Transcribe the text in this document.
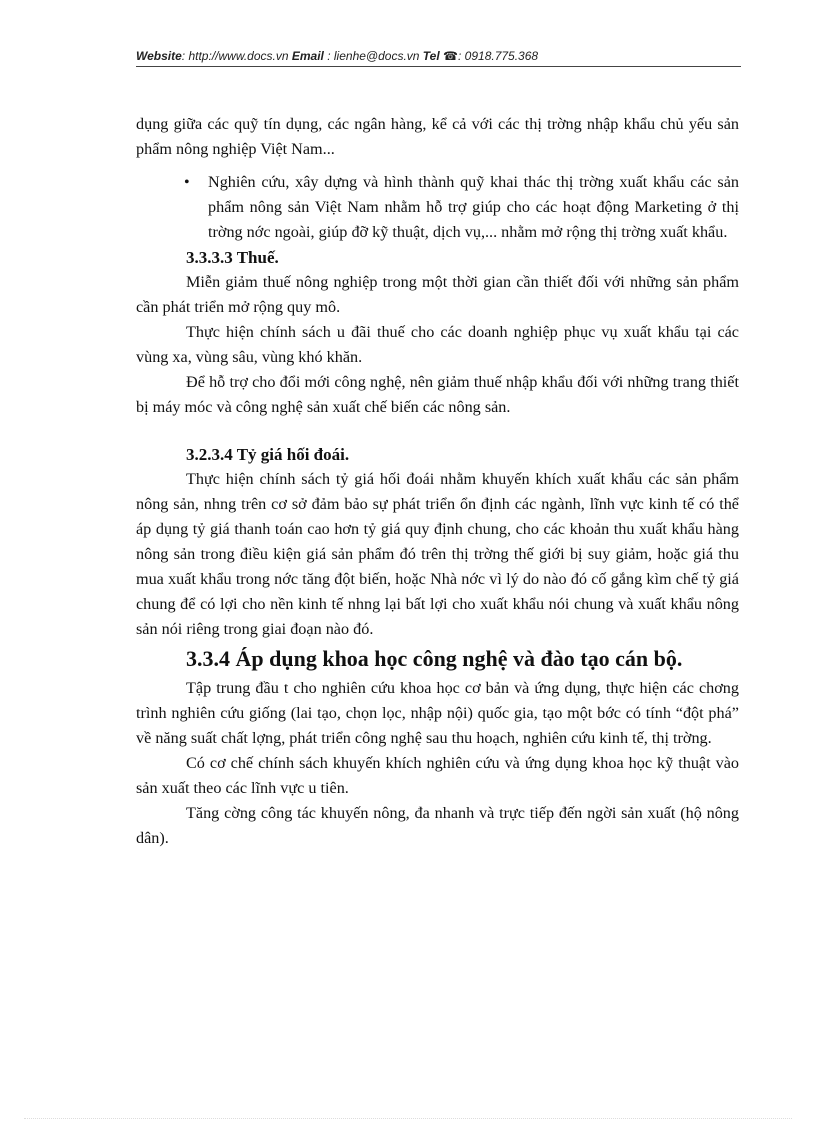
Website: http://www.docs.vn Email : lienhe@docs.vn Tel ☎: 0918.775.368

dụng giữa các quỹ tín dụng, các ngân hàng, kể cả với các thị trờng nhập khẩu chủ yếu sản phẩm nông nghiệp Việt Nam...

• Nghiên cứu, xây dựng và hình thành quỹ khai thác thị trờng xuất khẩu các sản phẩm nông sản Việt Nam nhằm hỗ trợ giúp cho các hoạt động Marketing ở thị trờng nớc ngoài, giúp đỡ kỹ thuật, dịch vụ,... nhằm mở rộng thị trờng xuất khẩu.

3.3.3.3 Thuế.

Miễn giảm thuế nông nghiệp trong một thời gian cần thiết đối với những sản phẩm cần phát triển mở rộng quy mô.

Thực hiện chính sách u đãi thuế cho các doanh nghiệp phục vụ xuất khẩu tại các vùng xa, vùng sâu, vùng khó khăn.

Để hỗ trợ cho đổi mới công nghệ, nên giảm thuế nhập khẩu đối với những trang thiết bị máy móc và công nghệ sản xuất chế biến các nông sản.

3.2.3.4 Tỷ giá hối đoái.

Thực hiện chính sách tỷ giá hối đoái nhằm khuyến khích xuất khẩu các sản phẩm nông sản, nhng trên cơ sở đảm bảo sự phát triển ổn định các ngành, lĩnh vực kinh tế có thể áp dụng tỷ giá thanh toán cao hơn tỷ giá quy định chung, cho các khoản thu xuất khẩu hàng nông sản trong điều kiện giá sản phẩm đó trên thị trờng thế giới bị suy giảm, hoặc giá thu mua xuất khẩu trong nớc tăng đột biến, hoặc Nhà nớc vì lý do nào đó cố gắng kìm chế tỷ giá chung để có lợi cho nền kinh tế nhng lại bất lợi cho xuất khẩu nói chung và xuất khẩu nông sản nói riêng trong giai đoạn nào đó.

3.3.4 Áp dụng khoa học công nghệ và đào tạo cán bộ.

Tập trung đầu t cho nghiên cứu khoa học cơ bản và ứng dụng, thực hiện các chơng trình nghiên cứu giống (lai tạo, chọn lọc, nhập nội) quốc gia, tạo một bớc có tính “đột phá” về năng suất chất lợng, phát triển công nghệ sau thu hoạch, nghiên cứu kinh tế, thị trờng.

Có cơ chế chính sách khuyến khích nghiên cứu và ứng dụng khoa học kỹ thuật vào sản xuất theo các lĩnh vực u tiên.

Tăng cờng công tác khuyến nông, đa nhanh và trực tiếp đến ngời sản xuất (hộ nông dân).
